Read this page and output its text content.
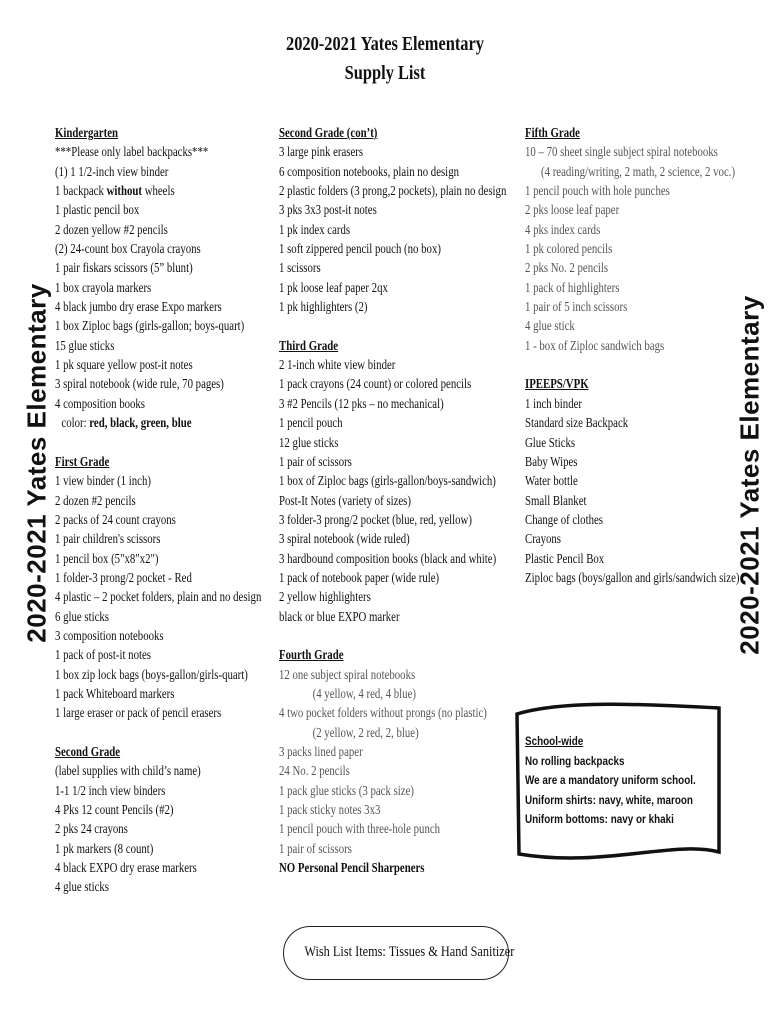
2020-2021 Yates Elementary
Supply List
2020-2021 Yates Elementary	2020-2021 Yates Elementary
Kindergarten
***Please only label backpacks***
(1) 1 1/2-inch view binder
1 backpack without wheels
1 plastic pencil box
2 dozen yellow #2 pencils
(2) 24-count box Crayola crayons
1 pair fiskars scissors (5” blunt)
1 box crayola markers
4 black jumbo dry erase Expo markers
1 box Ziploc bags (girls-gallon; boys-quart)
15 glue sticks
1 pk square yellow post-it notes
3 spiral notebook (wide rule, 70 pages)
4 composition books
color: red, black, green, blue
First Grade
1 view binder (1 inch)
2 dozen #2 pencils
2 packs of 24 count crayons
1 pair children's scissors
1 pencil box (5"x8"x2")
1 folder-3 prong/2 pocket - Red
4 plastic – 2 pocket folders, plain and no design
6 glue sticks
3 composition notebooks
1 pack of post-it notes
1 box zip lock bags (boys-gallon/girls-quart)
1 pack Whiteboard markers
1 large eraser or pack of pencil erasers
Second Grade
(label supplies with child’s name)
1-1 1/2 inch view binders
4 Pks 12 count Pencils (#2)
2 pks 24 crayons
1 pk markers (8 count)
4 black EXPO dry erase markers
4 glue sticks
Second Grade (con’t)
3 large pink erasers
6 composition notebooks, plain no design
2 plastic folders (3 prong,2 pockets), plain no design
3 pks 3x3 post-it notes
1 pk index cards
1 soft zippered pencil pouch (no box)
1 scissors
1 pk loose leaf paper 2qx
1 pk highlighters (2)
Third Grade
2 1-inch white view binder
1 pack crayons (24 count) or colored pencils
3 #2 Pencils (12 pks – no mechanical)
1 pencil pouch
12 glue sticks
1 pair of scissors
1 box of Ziploc bags (girls-gallon/boys-sandwich)
Post-It Notes (variety of sizes)
3 folder-3 prong/2 pocket (blue, red, yellow)
3 spiral notebook (wide ruled)
3 hardbound composition books (black and white)
1 pack of notebook paper (wide rule)
2 yellow highlighters
black or blue EXPO marker
Fourth Grade
12 one subject spiral notebooks
(4 yellow, 4 red, 4 blue)
4 two pocket folders without prongs (no plastic)
(2 yellow, 2 red, 2, blue)
3 packs lined paper
24 No. 2 pencils
1 pack glue sticks (3 pack size)
1 pack sticky notes 3x3
1 pencil pouch with three-hole punch
1 pair of scissors
NO Personal Pencil Sharpeners
Fifth Grade
10 – 70 sheet single subject spiral notebooks
(4 reading/writing, 2 math, 2 science, 2 voc.)
1 pencil pouch with hole punches
2 pks loose leaf paper
4 pks index cards
1 pk colored pencils
2 pks No. 2 pencils
1 pack of highlighters
1 pair of 5 inch scissors
4 glue stick
1 - box of Ziploc sandwich bags
IPEEPS/VPK
1 inch binder
Standard size Backpack
Glue Sticks
Baby Wipes
Water bottle
Small Blanket
Change of clothes
Crayons
Plastic Pencil Box
Ziploc bags (boys/gallon and girls/sandwich size)
School-wide
No rolling backpacks
We are a mandatory uniform school.
Uniform shirts: navy, white, maroon
Uniform bottoms: navy or khaki
Wish List Items: Tissues & Hand Sanitizer
